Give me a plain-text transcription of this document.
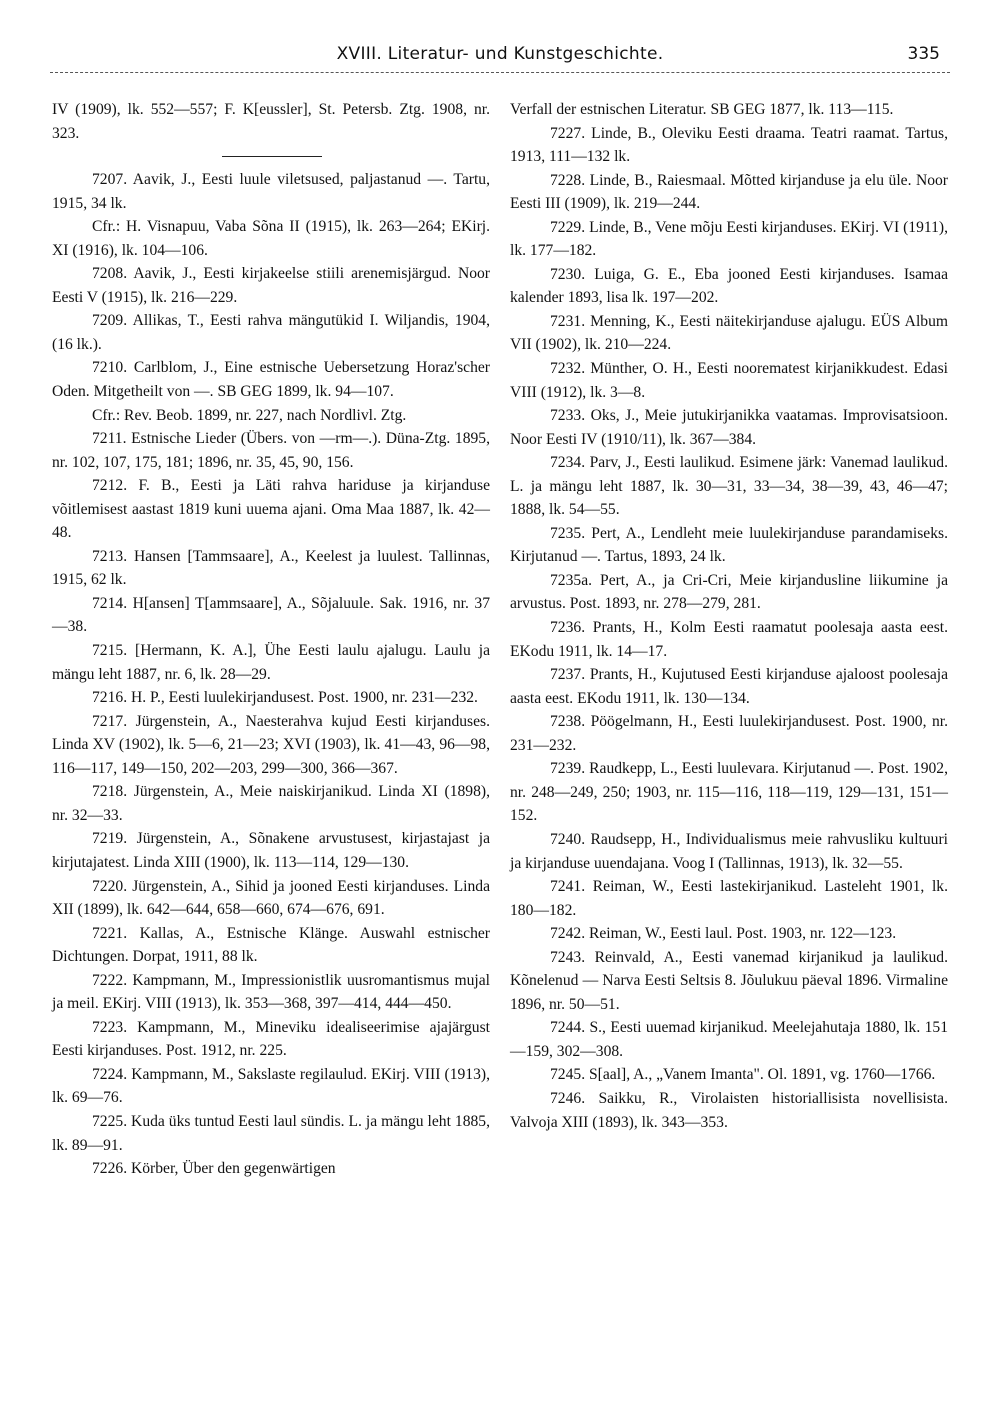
XVIII. Literatur- und Kunstgeschichte.	335

IV (1909), lk. 552—557; F. K[eussler], St. Petersb. Ztg. 1908, nr. 323.

7207. Aavik, J., Eesti luule viletsused, paljastanud —. Tartu, 1915, 34 lk.

Cfr.: H. Visnapuu, Vaba Sõna II (1915), lk. 263—264; EKirj. XI (1916), lk. 104—106.

7208. Aavik, J., Eesti kirjakeelse stiili arenemisjärgud. Noor Eesti V (1915), lk. 216—229.

7209. Allikas, T., Eesti rahva mängutükid I. Wiljandis, 1904, (16 lk.).

7210. Carlblom, J., Eine estnische Uebersetzung Horaz'scher Oden. Mitgetheilt von —. SB GEG 1899, lk. 94—107.

Cfr.: Rev. Beob. 1899, nr. 227, nach Nordlivl. Ztg.

7211. Estnische Lieder (Übers. von —rm—.). Düna-Ztg. 1895, nr. 102, 107, 175, 181; 1896, nr. 35, 45, 90, 156.

7212. F. B., Eesti ja Läti rahva hariduse ja kirjanduse võitlemisest aastast 1819 kuni uuema ajani. Oma Maa 1887, lk. 42—48.

7213. Hansen [Tammsaare], A., Keelest ja luulest. Tallinnas, 1915, 62 lk.

7214. H[ansen] T[ammsaare], A., Sõjaluule. Sak. 1916, nr. 37—38.

7215. [Hermann, K. A.], Ühe Eesti laulu ajalugu. Laulu ja mängu leht 1887, nr. 6, lk. 28—29.

7216. H. P., Eesti luulekirjandusest. Post. 1900, nr. 231—232.

7217. Jürgenstein, A., Naesterahva kujud Eesti kirjanduses. Linda XV (1902), lk. 5—6, 21—23; XVI (1903), lk. 41—43, 96—98, 116—117, 149—150, 202—203, 299—300, 366—367.

7218. Jürgenstein, A., Meie naiskirjanikud. Linda XI (1898), nr. 32—33.

7219. Jürgenstein, A., Sõnakene arvustusest, kirjastajast ja kirjutajatest. Linda XIII (1900), lk. 113—114, 129—130.

7220. Jürgenstein, A., Sihid ja jooned Eesti kirjanduses. Linda XII (1899), lk. 642—644, 658—660, 674—676, 691.

7221. Kallas, A., Estnische Klänge. Auswahl estnischer Dichtungen. Dorpat, 1911, 88 lk.

7222. Kampmann, M., Impressionistlik uusromantismus mujal ja meil. EKirj. VIII (1913), lk. 353—368, 397—414, 444—450.

7223. Kampmann, M., Mineviku idealiseerimise ajajärgust Eesti kirjanduses. Post. 1912, nr. 225.

7224. Kampmann, M., Sakslaste regilaulud. EKirj. VIII (1913), lk. 69—76.

7225. Kuda üks tuntud Eesti laul sündis. L. ja mängu leht 1885, lk. 89—91.

7226. Körber, Über den gegenwärtigen

Verfall der estnischen Literatur. SB GEG 1877, lk. 113—115.

7227. Linde, B., Oleviku Eesti draama. Teatri raamat. Tartus, 1913, 111—132 lk.

7228. Linde, B., Raiesmaal. Mõtted kirjanduse ja elu üle. Noor Eesti III (1909), lk. 219—244.

7229. Linde, B., Vene mõju Eesti kirjanduses. EKirj. VI (1911), lk. 177—182.

7230. Luiga, G. E., Eba jooned Eesti kirjanduses. Isamaa kalender 1893, lisa lk. 197—202.

7231. Menning, K., Eesti näitekirjanduse ajalugu. EÜS Album VII (1902), lk. 210—224.

7232. Münther, O. H., Eesti noorematest kirjanikkudest. Edasi VIII (1912), lk. 3—8.

7233. Oks, J., Meie jutukirjanikka vaatamas. Improvisatsioon. Noor Eesti IV (1910/11), lk. 367—384.

7234. Parv, J., Eesti laulikud. Esimene järk: Vanemad laulikud. L. ja mängu leht 1887, lk. 30—31, 33—34, 38—39, 43, 46—47; 1888, lk. 54—55.

7235. Pert, A., Lendleht meie luulekirjanduse parandamiseks. Kirjutanud —. Tartus, 1893, 24 lk.

7235a. Pert, A., ja Cri-Cri, Meie kirjandusline liikumine ja arvustus. Post. 1893, nr. 278—279, 281.

7236. Prants, H., Kolm Eesti raamatut poolesaja aasta eest. EKodu 1911, lk. 14—17.

7237. Prants, H., Kujutused Eesti kirjanduse ajaloost poolesaja aasta eest. EKodu 1911, lk. 130—134.

7238. Pöögelmann, H., Eesti luulekirjandusest. Post. 1900, nr. 231—232.

7239. Raudkepp, L., Eesti luulevara. Kirjutanud —. Post. 1902, nr. 248—249, 250; 1903, nr. 115—116, 118—119, 129—131, 151—152.

7240. Raudsepp, H., Individualismus meie rahvusliku kultuuri ja kirjanduse uuendajana. Voog I (Tallinnas, 1913), lk. 32—55.

7241. Reiman, W., Eesti lastekirjanikud. Lasteleht 1901, lk. 180—182.

7242. Reiman, W., Eesti laul. Post. 1903, nr. 122—123.

7243. Reinvald, A., Eesti vanemad kirjanikud ja laulikud. Kõnelenud — Narva Eesti Seltsis 8. Jõulukuu päeval 1896. Virmaline 1896, nr. 50—51.

7244. S., Eesti uuemad kirjanikud. Meelejahutaja 1880, lk. 151—159, 302—308.

7245. S[aal], A., „Vanem Imanta". Ol. 1891, vg. 1760—1766.

7246. Saikku, R., Virolaisten historiallisista novellisista. Valvoja XIII (1893), lk. 343—353.
